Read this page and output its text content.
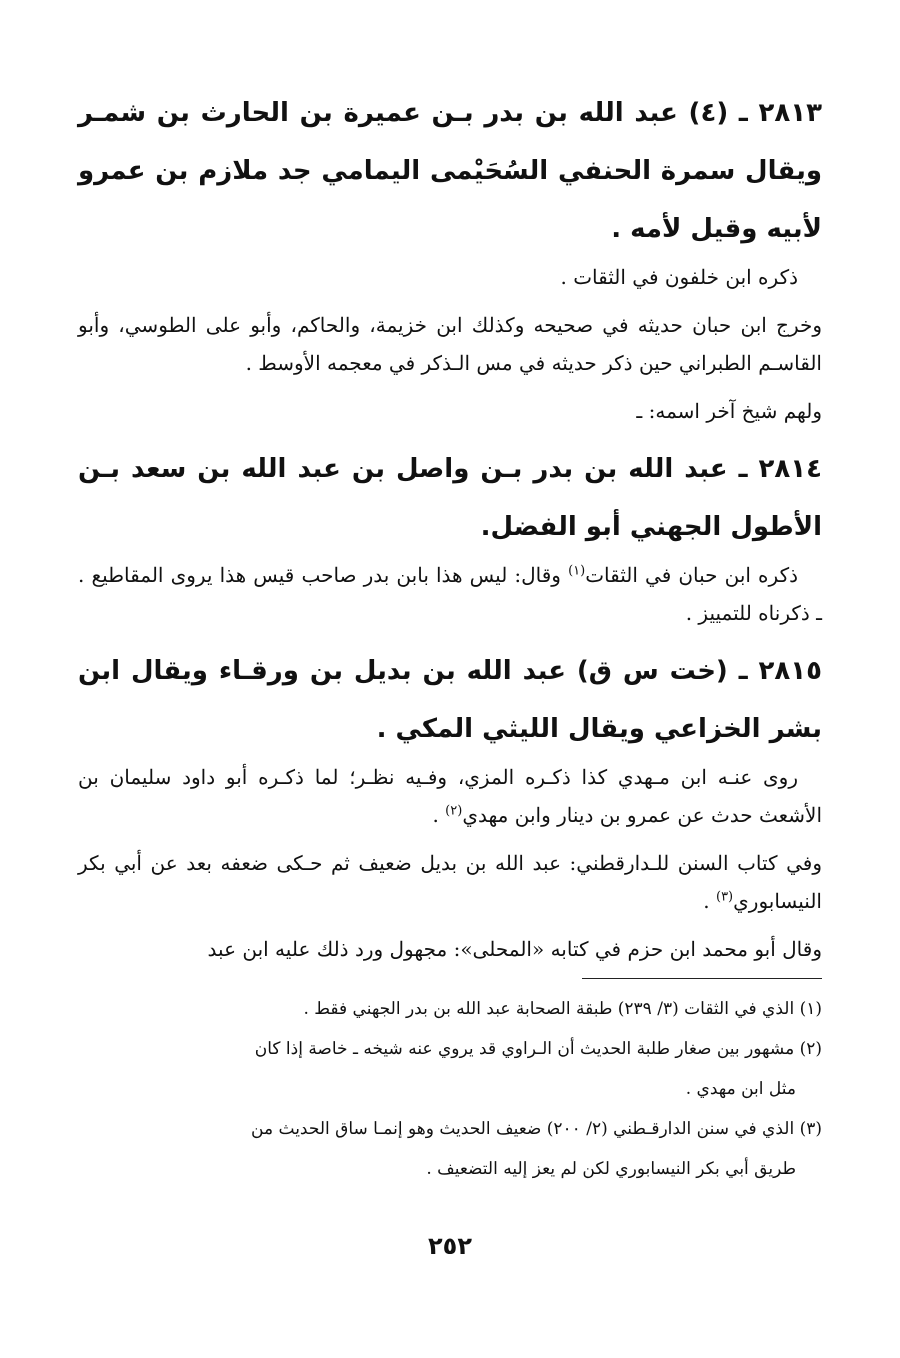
٢٨١٣ ـ (٤) عبد الله بن بدر بـن عميرة بن الحارث بن شمـر ويقال سمرة الحنفي السُحَيْمى اليمامي جد ملازم بن عمرو لأبيه وقيل لأمه .

ذكره ابن خلفون في الثقات .

وخرج ابن حبان حديثه في صحيحه وكذلك ابن خزيمة، والحاكم، وأبو على الطوسي، وأبو القاسـم الطبراني حين ذكر حديثه في مس الـذكر في معجمه الأوسط .

ولهم شيخ آخر اسمه: ـ

٢٨١٤ ـ عبد الله بن بدر بـن واصل بن عبد الله بن سعد بـن الأطول الجهني أبو الفضل.

ذكره ابن حبان في الثقات$^{(١)}$ وقال: ليس هذا بابن بدر صاحب قيس هذا يروى المقاطيع . ـ ذكرناه للتمييز .

٢٨١٥ ـ (خت س ق) عبد الله بن بديل بن ورقـاء ويقال ابن بشر الخزاعي ويقال الليثي المكي .

روى عنـه ابن مـهدي كذا ذكـره المزي، وفـيه نظـر؛ لما ذكـره أبو داود سليمان بن الأشعث حدث عن عمرو بن دينار وابن مهدي$^{(٢)}$ .

وفي كتاب السنن للـدارقطني: عبد الله بن بديل ضعيف ثم حـكى ضعفه بعد عن أبي بكر النيسابوري$^{(٣)}$ .

وقال أبو محمد ابن حزم في كتابه «المحلى»: مجهول ورد ذلك عليه ابن عبد

(١) الذي في الثقات (٣/ ٢٣٩) طبقة الصحابة عبد الله بن بدر الجهني فقط .

(٢) مشهور بين صغار طلبة الحديث أن الـراوي قد يروي عنه شيخه ـ خاصة إذا كان

مثل ابن مهدي .

(٣) الذي في سنن الدارقـطني (٢/ ٢٠٠) ضعيف الحديث وهو إنمـا ساق الحديث من

طريق أبي بكر النيسابوري لكن لم يعز إليه التضعيف .

٢٥٢
